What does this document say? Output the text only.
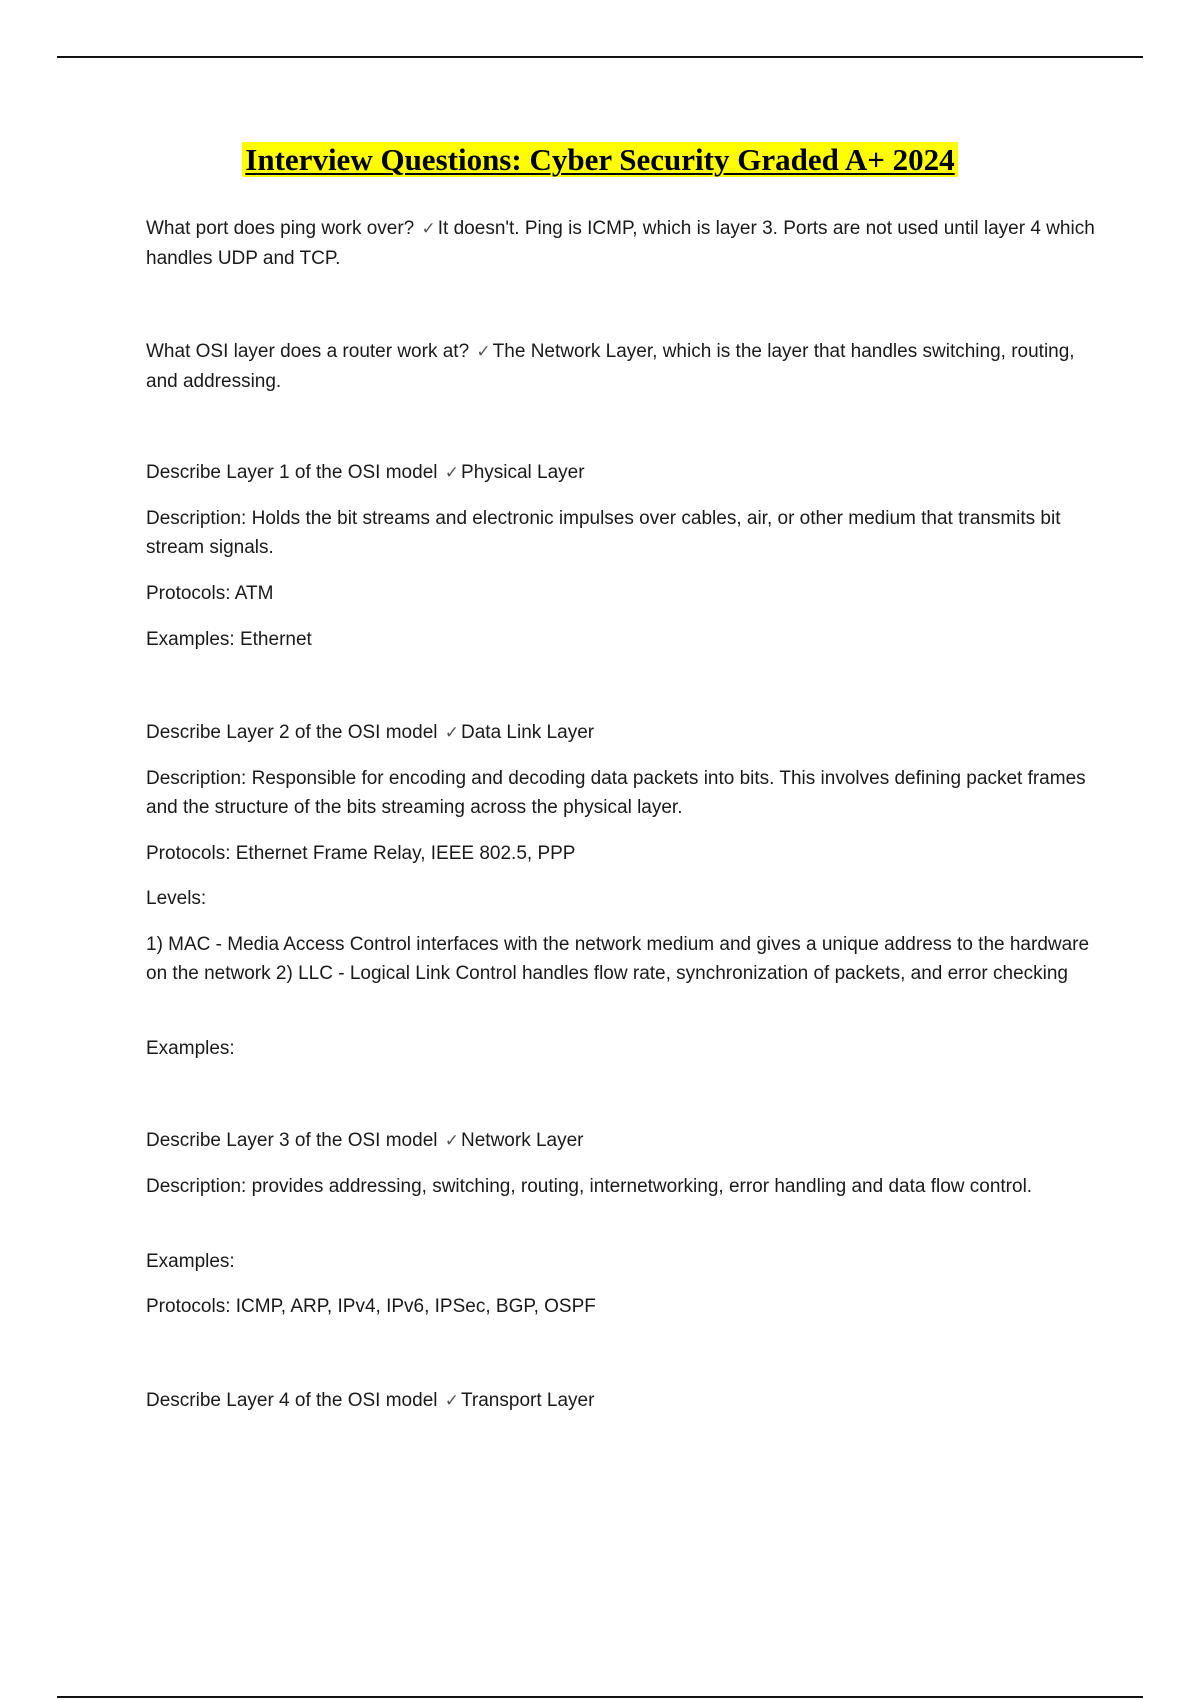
Interview Questions: Cyber Security Graded A+ 2024

What port does ping work over? ✓ It doesn't. Ping is ICMP, which is layer 3. Ports are not used until layer 4 which handles UDP and TCP.

What OSI layer does a router work at? ✓ The Network Layer, which is the layer that handles switching, routing, and addressing.

Describe Layer 1 of the OSI model ✓ Physical Layer

Describe Layer 2 of the OSI model ✓ Data Link Layer

Describe Layer 3 of the OSI model ✓ Network Layer

Describe Layer 4 of the OSI model ✓ Transport Layer

Description: Holds the bit streams and electronic impulses over cables, air, or other medium that transmits bit stream signals.

Protocols: ATM

Examples: Ethernet

Description: Responsible for encoding and decoding data packets into bits. This involves defining packet frames and the structure of the bits streaming across the physical layer.

Protocols: Ethernet Frame Relay, IEEE 802.5, PPP

Levels:

1) MAC - Media Access Control interfaces with the network medium and gives a unique address to the hardware on the network 2) LLC - Logical Link Control handles flow rate, synchronization of packets, and error checking

Examples:

Description: provides addressing, switching, routing, internetworking, error handling and data flow control.

Examples:

Protocols: ICMP, ARP, IPv4, IPv6, IPSec, BGP, OSPF
